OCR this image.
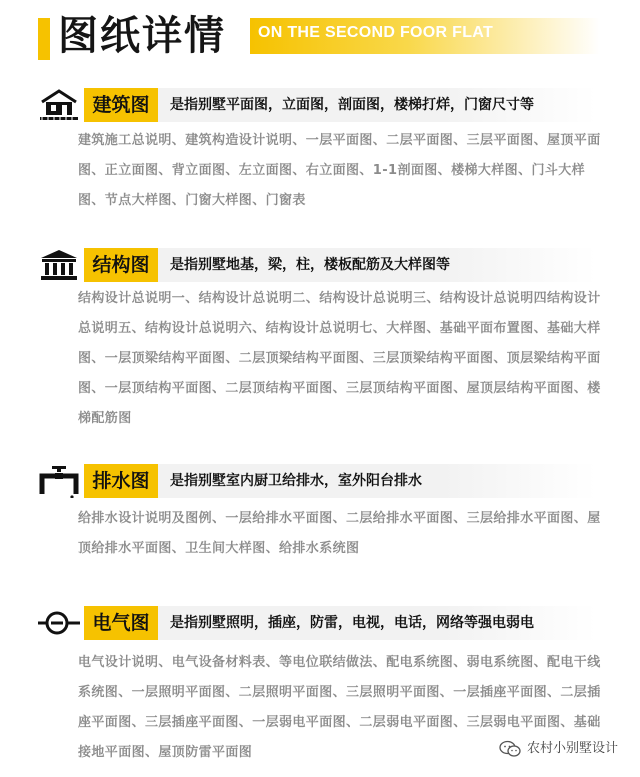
图纸详情 ON THE SECOND FOOR FLAT
建筑图	是指别墅平面图，立面图，剖面图，楼梯打烊，门窗尺寸等
建筑施工总说明、建筑构造设计说明、一层平面图、二层平面图、三层平面图、屋顶平面图、正立面图、背立面图、左立面图、右立面图、1-1剖面图、楼梯大样图、门斗大样图、节点大样图、门窗大样图、门窗表
结构图	是指别墅地基，梁，柱，楼板配筋及大样图等
结构设计总说明一、结构设计总说明二、结构设计总说明三、结构设计总说明四结构设计总说明五、结构设计总说明六、结构设计总说明七、大样图、基础平面布置图、基础大样图、一层顶梁结构平面图、二层顶梁结构平面图、三层顶梁结构平面图、顶层梁结构平面图、一层顶结构平面图、二层顶结构平面图、三层顶结构平面图、屋顶层结构平面图、楼梯配筋图
排水图	是指别墅室内厨卫给排水，室外阳台排水
给排水设计说明及图例、一层给排水平面图、二层给排水平面图、三层给排水平面图、屋顶给排水平面图、卫生间大样图、给排水系统图
电气图	是指别墅照明，插座，防雷，电视，电话，网络等强电弱电
电气设计说明、电气设备材料表、等电位联结做法、配电系统图、弱电系统图、配电干线系统图、一层照明平面图、二层照明平面图、三层照明平面图、一层插座平面图、二层插座平面图、三层插座平面图、一层弱电平面图、二层弱电平面图、三层弱电平面图、基础接地平面图、屋顶防雷平面图	农村小别墅设计
